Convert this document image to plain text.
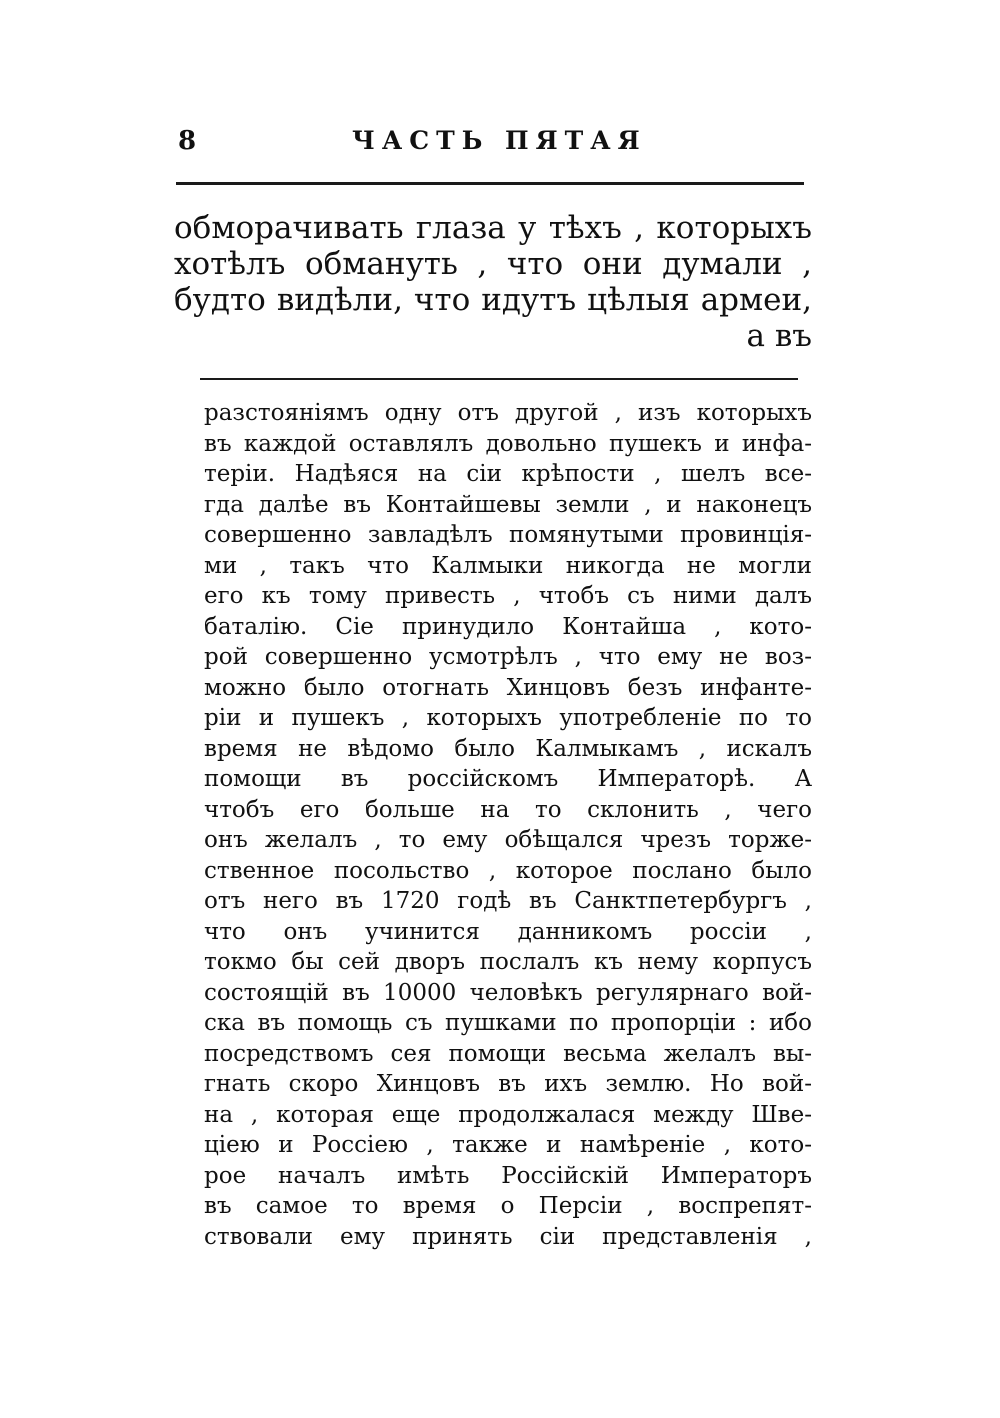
8	ЧАСТЬ ПЯТАЯ
обморачивать глаза у тѣхъ , которыхъ
хотѣлъ обмануть , что они думали ,
будто видѣли, что идутъ цѣлыя армеи,
а въ
разстояніямъ одну отъ другой , изъ которыхъ
въ каждой оставлялъ довольно пушекъ и инфа-
терiи. Надѣяся на сiи крѣпости , шелъ все-
гда далѣе въ Контайшевы земли , и наконецъ
совершенно завладѣлъ помянутыми провинцiя-
ми , такъ что Калмыки никогда не могли
его къ тому привесть , чтобъ съ ними далъ
баталiю. Сiе принудило Контайша , кото-
рой совершенно усмотрѣлъ , что ему не воз-
можно было отогнать Хинцовъ безъ инфанте-
рiи и пушекъ , которыхъ употребленiе по то
время не вѣдомо было Калмыкамъ , искалъ
помощи въ россiйскомъ Императорѣ. А
чтобъ его больше на то склонить , чего
онъ желалъ , то ему обѣщался чрезъ торже-
ственное посольство , которое послано было
отъ него въ 1720 годѣ въ Санктпетербургъ ,
что онъ учинится данникомъ россiи ,
токмо бы сей дворъ послалъ къ нему корпусъ
состоящiй въ 10000 человѣкъ регулярнаго вой-
ска въ помощь съ пушками по пропорцiи : ибо
посредствомъ сея помощи весьма желалъ вы-
гнать скоро Хинцовъ въ ихъ землю. Но вой-
на , которая еще продолжалася между Шве-
цiею и Россiею , также и намѣренiе , кото-
рое началъ имѣть Россiйскiй Императоръ
въ самое то время о Персiи , воспрепят-
ствовали ему принять сiи представленiя ,
